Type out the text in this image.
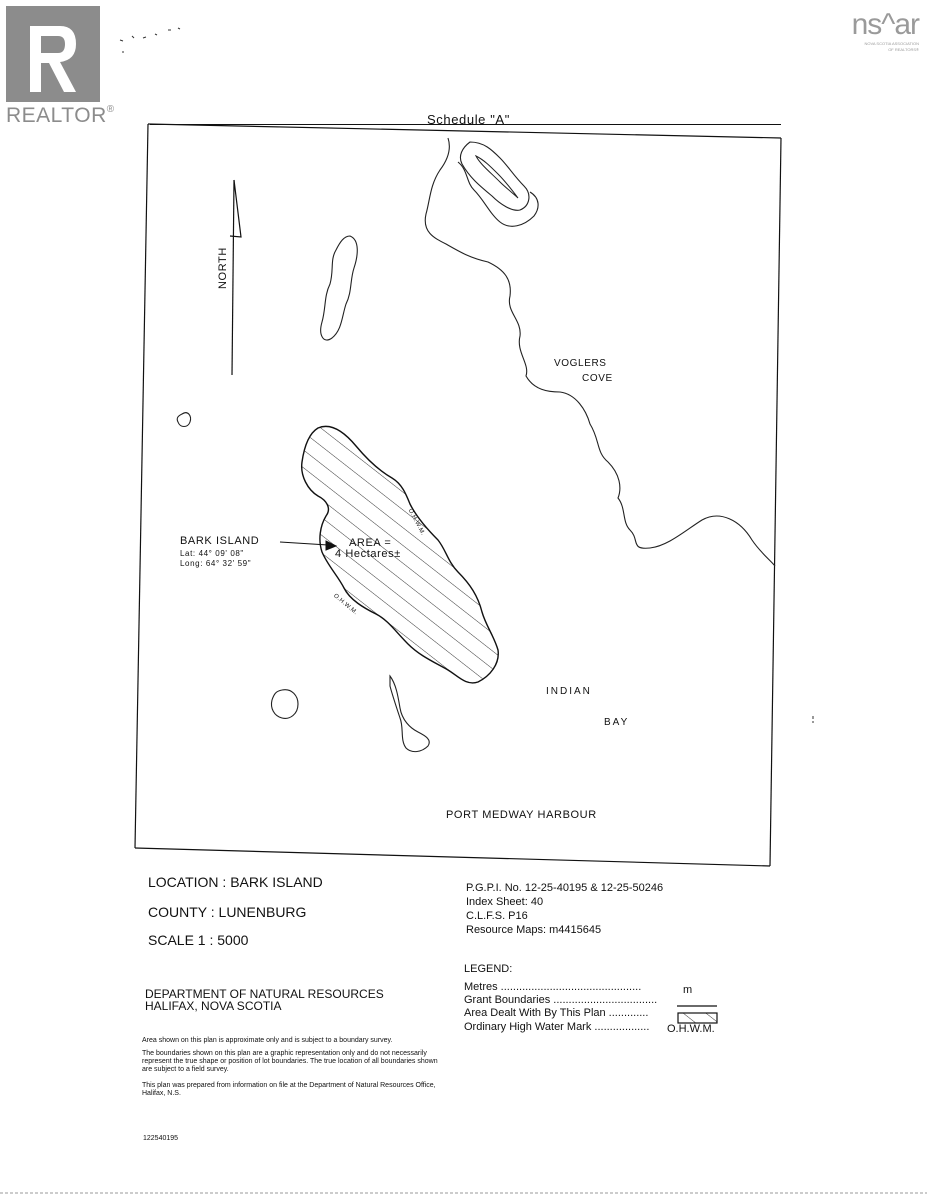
REALTOR®
ns^ar
NOVA SCOTIA ASSOCIATION
OF REALTORS®
Schedule "A"
NORTH
VOGLERS
COVE
INDIAN
BAY
PORT MEDWAY HARBOUR
BARK ISLAND
Lat: 44° 09' 08"
Long: 64° 32' 59"
AREA =
4 Hectares±
O.H.W.M.
O.H.W.M.
LOCATION : BARK ISLAND
COUNTY : LUNENBURG
SCALE 1 : 5000
P.G.P.I. No. 12-25-40195 & 12-25-50246
Index Sheet: 40
C.L.F.S. P16
Resource Maps: m4415645
DEPARTMENT OF NATURAL RESOURCES
HALIFAX, NOVA SCOTIA
LEGEND:
Metres ..............................................	m
Grant Boundaries ..................................
Area Dealt With By This Plan .............
Ordinary High Water Mark .................. O.H.W.M.
Area shown on this plan is approximate only and is subject to a boundary survey.
The boundaries shown on this plan are a graphic representation only and do not necessarily represent the true shape or position of lot boundaries. The true location of all boundaries shown are subject to a field survey.
This plan was prepared from information on file at the Department of Natural Resources Office, Halifax, N.S.
122540195
